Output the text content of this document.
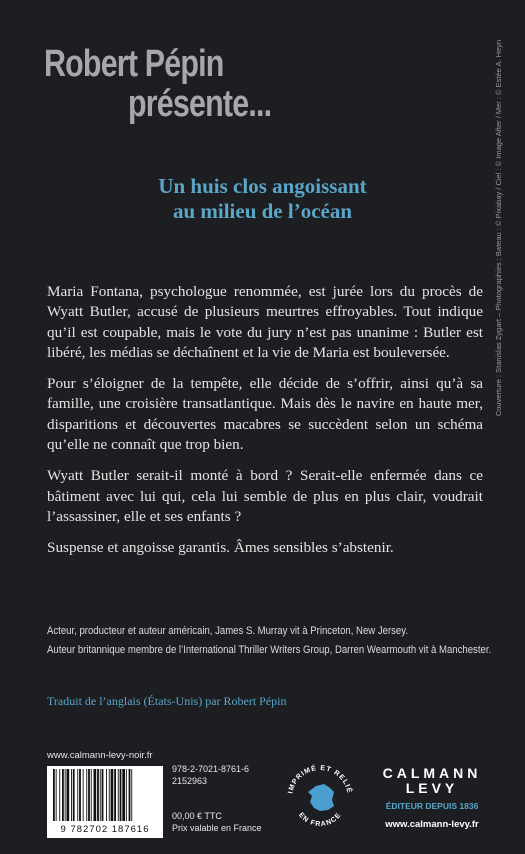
Robert Pépin
présente...
Un huis clos angoissant
au milieu de l’océan

Maria Fontana, psychologue renommée, est jurée lors du procès de Wyatt Butler, accusé de plusieurs meurtres effroyables. Tout indique qu’il est coupable, mais le vote du jury n’est pas unanime : Butler est libéré, les médias se déchaînent et la vie de Maria est bouleversée.

Pour s’éloigner de la tempête, elle décide de s’offrir, ainsi qu’à sa famille, une croisière transatlantique. Mais dès le navire en haute mer, disparitions et découvertes macabres se succèdent selon un schéma qu’elle ne connaît que trop bien.

Wyatt Butler serait-il monté à bord ? Serait-elle enfermée dans ce bâtiment avec lui qui, cela lui semble de plus en plus clair, voudrait l’assassiner, elle et ses enfants ?

Suspense et angoisse garantis. Âmes sensibles s’abstenir.

Acteur, producteur et auteur américain, James S. Murray vit à Princeton, New Jersey.
Auteur britannique membre de l’International Thriller Writers Group, Darren Wearmouth vit à Manchester.
Traduit de l’anglais (États-Unis) par Robert Pépin
Couverture : Stanislas Zygart – Photographies : Bateau : © Pixabay / Ciel : © Image After / Mer : © Estée A. Heyn
www.calmann-levy-noir.fr
9 782702 187616
978-2-7021-8761-6
2152963
00,00 € TTC
Prix valable en France
IMPRIMÉ ET RELIÉ
EN FRANCE
CALMANN
LEVY
ÉDITEUR DEPUIS 1836
www.calmann-levy.fr
